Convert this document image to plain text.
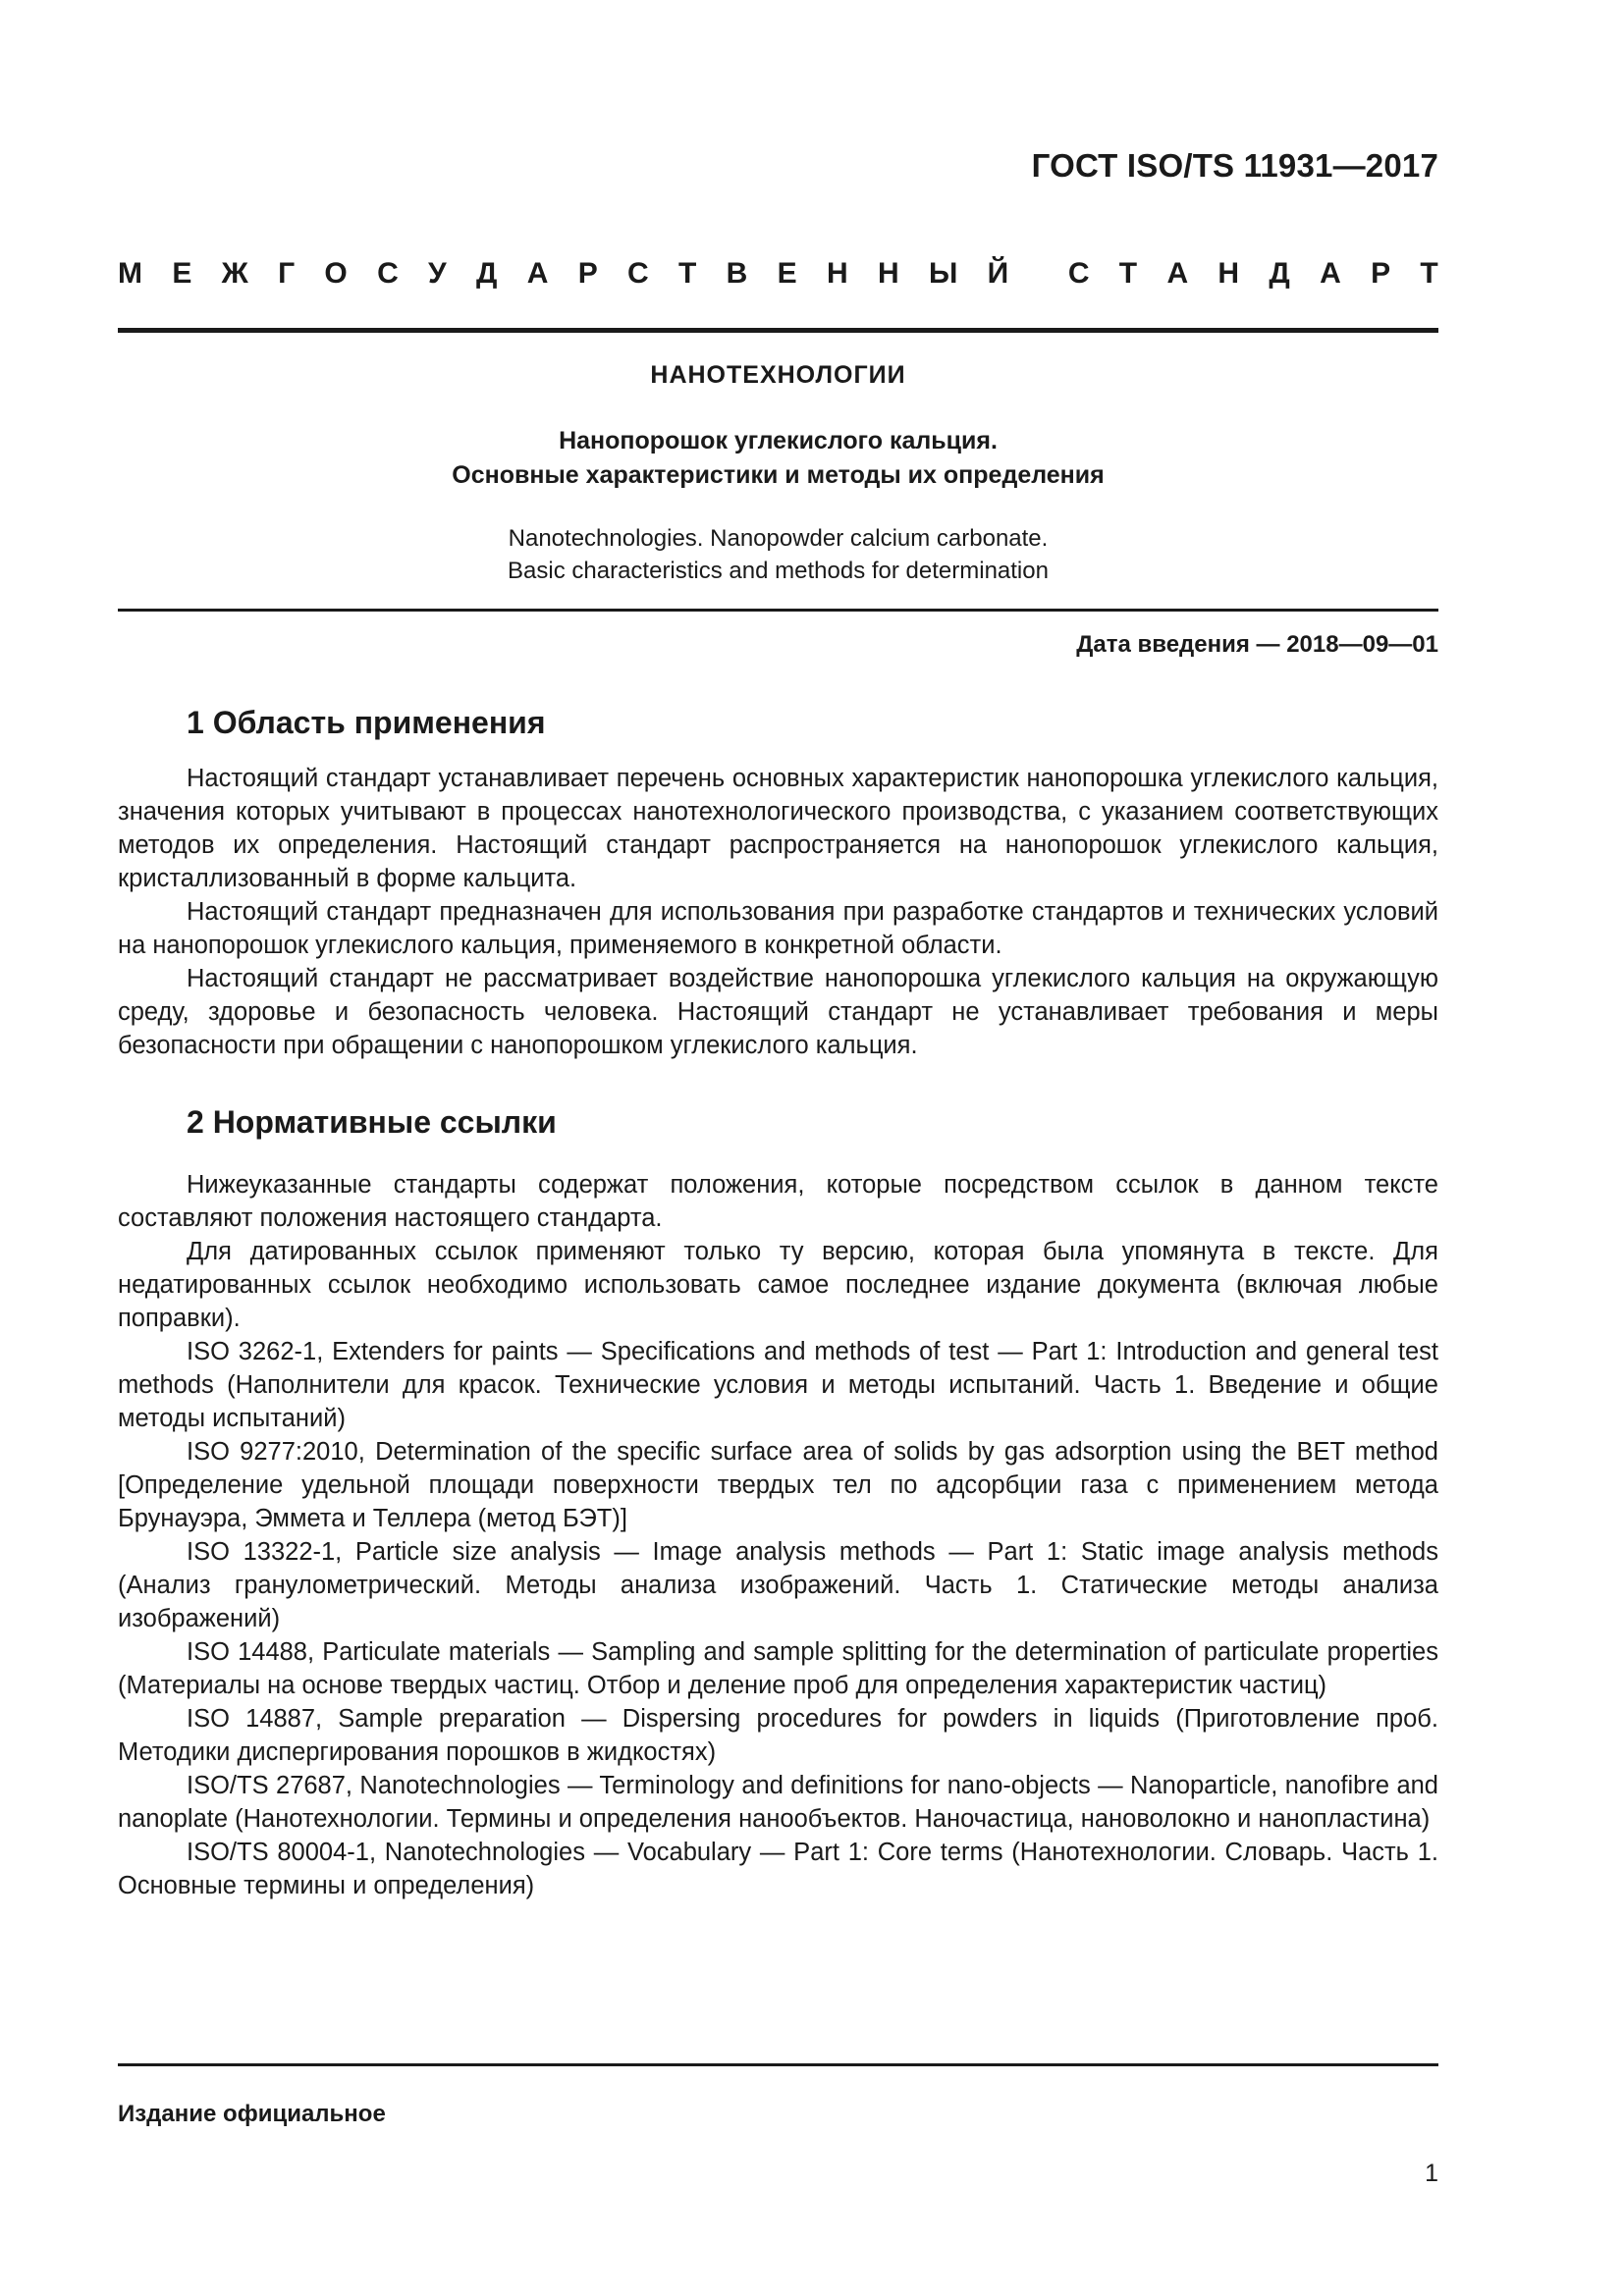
ГОСТ ISO/TS 11931—2017
М Е Ж Г О С У Д А Р С Т В Е Н Н Ы Й С Т А Н Д А Р Т
НАНОТЕХНОЛОГИИ
Нанопорошок углекислого кальция.
Основные характеристики и методы их определения
Nanotechnologies. Nanopowder calcium carbonate.
Basic characteristics and methods for determination
Дата введения — 2018—09—01
1 Область применения

Настоящий стандарт устанавливает перечень основных характеристик нанопорошка углекислого кальция, значения которых учитывают в процессах нанотехнологического производства, с указанием соответствующих методов их определения. Настоящий стандарт распространяется на нанопорошок углекислого кальция, кристаллизованный в форме кальцита.

Настоящий стандарт предназначен для использования при разработке стандартов и технических условий на нанопорошок углекислого кальция, применяемого в конкретной области.

Настоящий стандарт не рассматривает воздействие нанопорошка углекислого кальция на окружающую среду, здоровье и безопасность человека. Настоящий стандарт не устанавливает требования и меры безопасности при обращении с нанопорошком углекислого кальция.

2 Нормативные ссылки

Нижеуказанные стандарты содержат положения, которые посредством ссылок в данном тексте составляют положения настоящего стандарта.

Для датированных ссылок применяют только ту версию, которая была упомянута в тексте. Для недатированных ссылок необходимо использовать самое последнее издание документа (включая любые поправки).

ISO 3262-1, Extenders for paints — Specifications and methods of test — Part 1: Introduction and general test methods (Наполнители для красок. Технические условия и методы испытаний. Часть 1. Введение и общие методы испытаний)

ISO 9277:2010, Determination of the specific surface area of solids by gas adsorption using the BET method [Определение удельной площади поверхности твердых тел по адсорбции газа с применением метода Брунауэра, Эммета и Теллера (метод БЭТ)]

ISO 13322-1, Particle size analysis — Image analysis methods — Part 1: Static image analysis methods (Анализ гранулометрический. Методы анализа изображений. Часть 1. Статические методы анализа изображений)

ISO 14488, Particulate materials — Sampling and sample splitting for the determination of particulate properties (Материалы на основе твердых частиц. Отбор и деление проб для определения характеристик частиц)

ISO 14887, Sample preparation — Dispersing procedures for powders in liquids (Приготовление проб. Методики диспергирования порошков в жидкостях)

ISO/TS 27687, Nanotechnologies — Terminology and definitions for nano-objects — Nanoparticle, nanofibre and nanoplate (Нанотехнологии. Термины и определения нанообъектов. Наночастица, нановолокно и нанопластина)

ISO/TS 80004-1, Nanotechnologies — Vocabulary — Part 1: Core terms (Нанотехнологии. Словарь. Часть 1. Основные термины и определения)

Издание официальное
1
